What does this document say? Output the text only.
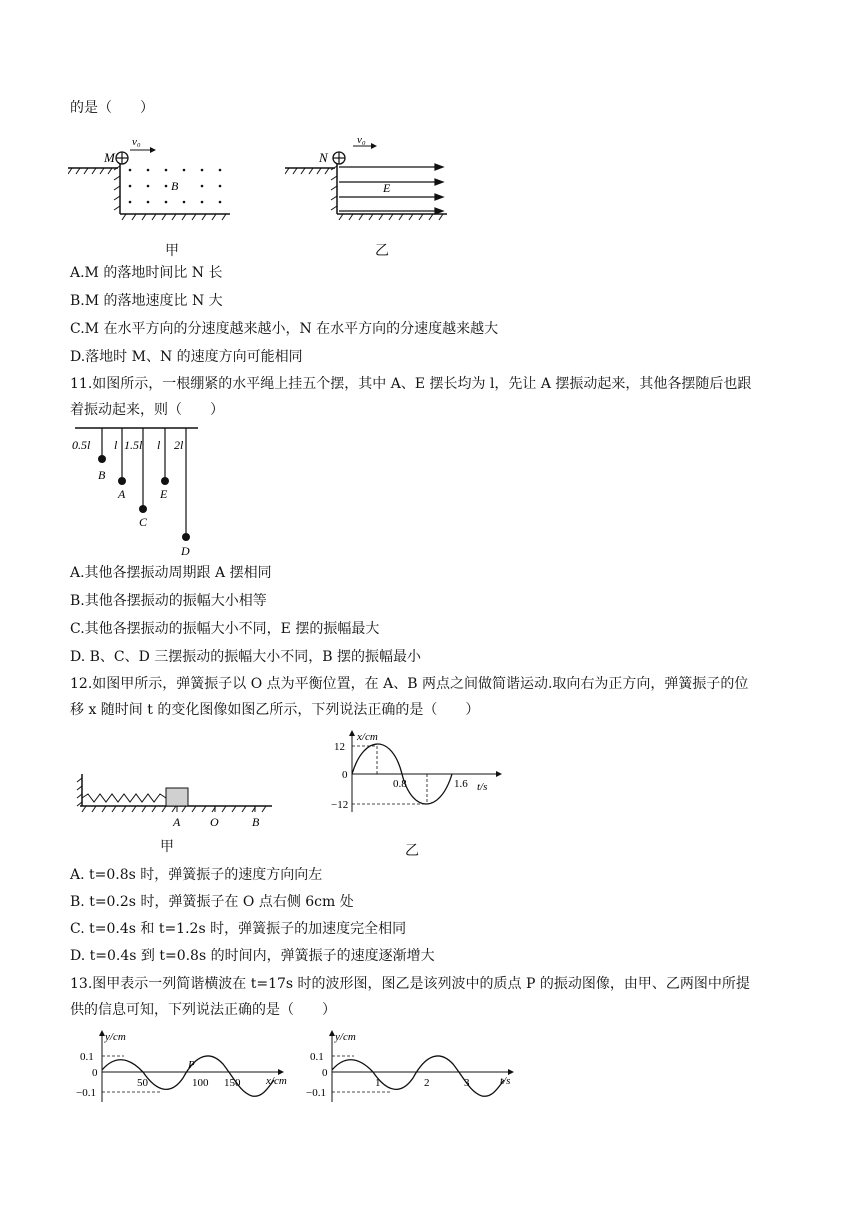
的是（　　）
M
v₀
B
甲
N
v₀
E
乙
A.M 的落地时间比 N 长
B.M 的落地速度比 N 大
C.M 在水平方向的分速度越来越小，N 在水平方向的分速度越来越大
D.落地时 M、N 的速度方向可能相同
11.如图所示，一根绷紧的水平绳上挂五个摆，其中 A、E 摆长均为 l，先让 A 摆振动起来，其他各摆随后也跟
着振动起来，则（　　）
0.5l l 1.5l l 2l
B
A
C
E
D
A.其他各摆振动周期跟 A 摆相同
B.其他各摆振动的振幅大小相等
C.其他各摆振动的振幅大小不同，E 摆的振幅最大
D. B、C、D 三摆振动的振幅大小不同，B 摆的振幅最小
12.如图甲所示，弹簧振子以 O 点为平衡位置，在 A、B 两点之间做简谐运动.取向右为正方向，弹簧振子的位
移 x 随时间 t 的变化图像如图乙所示，下列说法正确的是（　　）
A O	B
甲
x/cm
t/s
12
0
−12
0.8	1.6
乙
A. t=0.8s 时，弹簧振子的速度方向向左
B. t=0.2s 时，弹簧振子在 O 点右侧 6cm 处
C. t=0.4s 和 t=1.2s 时，弹簧振子的加速度完全相同
D. t=0.4s 到 t=0.8s 的时间内，弹簧振子的速度逐渐增大
13.图甲表示一列简谐横波在 t=17s 时的波形图，图乙是该列波中的质点 P 的振动图像，由甲、乙两图中所提
供的信息可知，下列说法正确的是（　　）
y/cm
x/cm
0.1
0
−0.1
50	100 150
P
y/cm
t/s
0.1
0
−0.1
1	2	3
